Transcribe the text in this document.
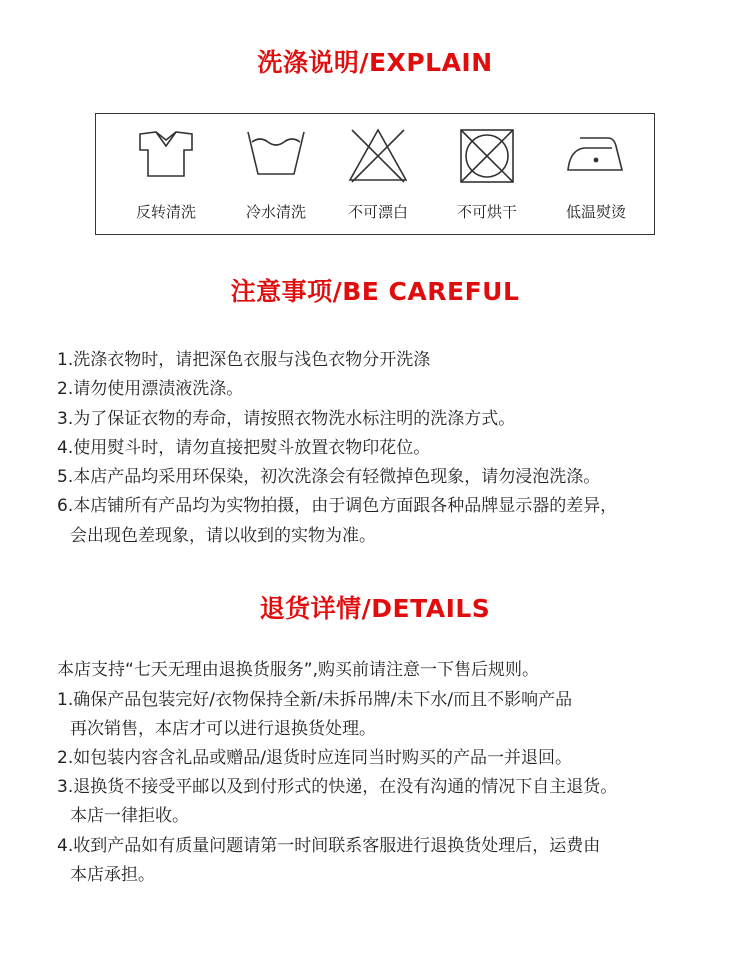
洗涤说明/EXPLAIN
反转清洗	冷水清洗	不可漂白	不可烘干	低温熨烫
注意事项/BE CAREFUL
1.洗涤衣物时，请把深色衣服与浅色衣物分开洗涤
2.请勿使用漂渍液洗涤。
3.为了保证衣物的寿命，请按照衣物洗水标注明的洗涤方式。
4.使用熨斗时，请勿直接把熨斗放置衣物印花位。
5.本店产品均采用环保染，初次洗涤会有轻微掉色现象，请勿浸泡洗涤。
6.本店铺所有产品均为实物拍摄，由于调色方面跟各种品牌显示器的差异，
会出现色差现象，请以收到的实物为准。
退货详情/DETAILS
本店支持“七天无理由退换货服务”,购买前请注意一下售后规则。
1.确保产品包装完好/衣物保持全新/未拆吊牌/未下水/而且不影响产品
再次销售，本店才可以进行退换货处理。
2.如包装内容含礼品或赠品/退货时应连同当时购买的产品一并退回。
3.退换货不接受平邮以及到付形式的快递，在没有沟通的情况下自主退货。
本店一律拒收。
4.收到产品如有质量问题请第一时间联系客服进行退换货处理后，运费由
本店承担。
